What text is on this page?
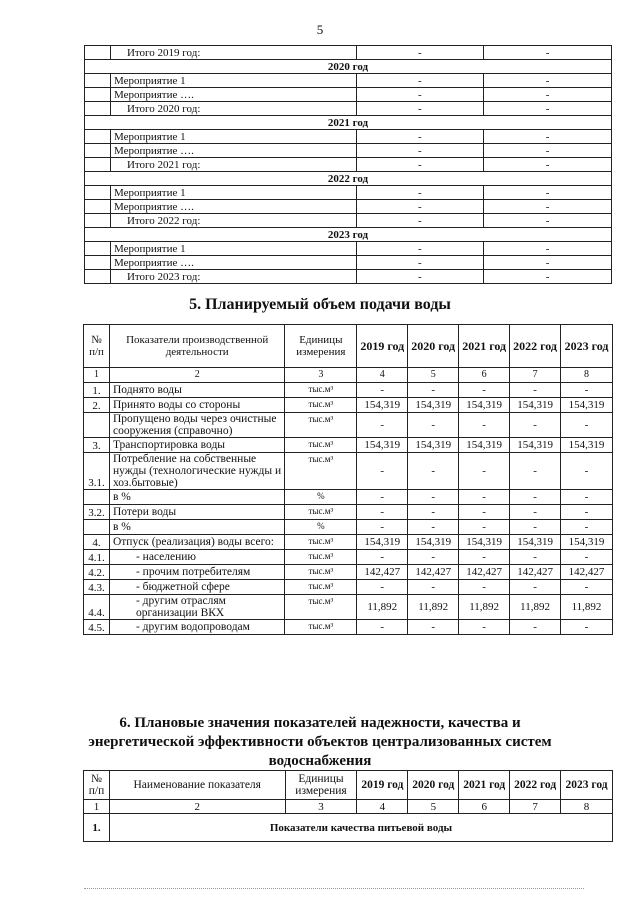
5
	Итого 2019 год:	-	-
2020 год			
	Мероприятие 1	-	-
	Мероприятие ….	-	-
	Итого 2020 год:	-	-
2021 год			
	Мероприятие 1	-	-
	Мероприятие ….	-	-
	Итого 2021 год:	-	-
2022 год			
	Мероприятие 1	-	-
	Мероприятие ….	-	-
	Итого 2022 год:	-	-
2023 год			
	Мероприятие 1	-	-
	Мероприятие ….	-	-
	Итого 2023 год:	-	-
5. Планируемый объем подачи воды
№ п/п	Показатели производственной деятельности	Единицы измерения	2019 год	2020 год	2021 год	2022 год	2023 год
1	2	3	4	5	6	7	8
1.	Поднято воды	тыс.м³	-	-	-	-	-
2.	Принято воды со стороны	тыс.м³	154,319	154,319	154,319	154,319	154,319
	Пропущено воды через очистные сооружения (справочно)	тыс.м³	-	-	-	-	-
3.	Транспортировка воды	тыс.м³	154,319	154,319	154,319	154,319	154,319
3.1.	Потребление на собственные нужды (технологические нужды и хоз.бытовые)	тыс.м³	-	-	-	-	-
	в %	%	-	-	-	-	-
3.2.	Потери воды	тыс.м³	-	-	-	-	-
	в %	%	-	-	-	-	-
4.	Отпуск (реализация) воды всего:	тыс.м³	154,319	154,319	154,319	154,319	154,319
4.1.	- населению	тыс.м³	-	-	-	-	-
4.2.	- прочим потребителям	тыс.м³	142,427	142,427	142,427	142,427	142,427
4.3.	- бюджетной сфере	тыс.м³	-	-	-	-	-
4.4.	- другим отраслям организации ВКХ	тыс.м³	11,892	11,892	11,892	11,892	11,892
4.5.	- другим водопроводам	тыс.м³	-	-	-	-	-
6. Плановые значения показателей надежности, качества и
энергетической эффективности объектов централизованных систем
водоснабжения
№ п/п	Наименование показателя	Единицы измерения	2019 год	2020 год	2021 год	2022 год	2023 год
1	2	3	4	5	6	7	8
1.	Показатели качества питьевой воды						
